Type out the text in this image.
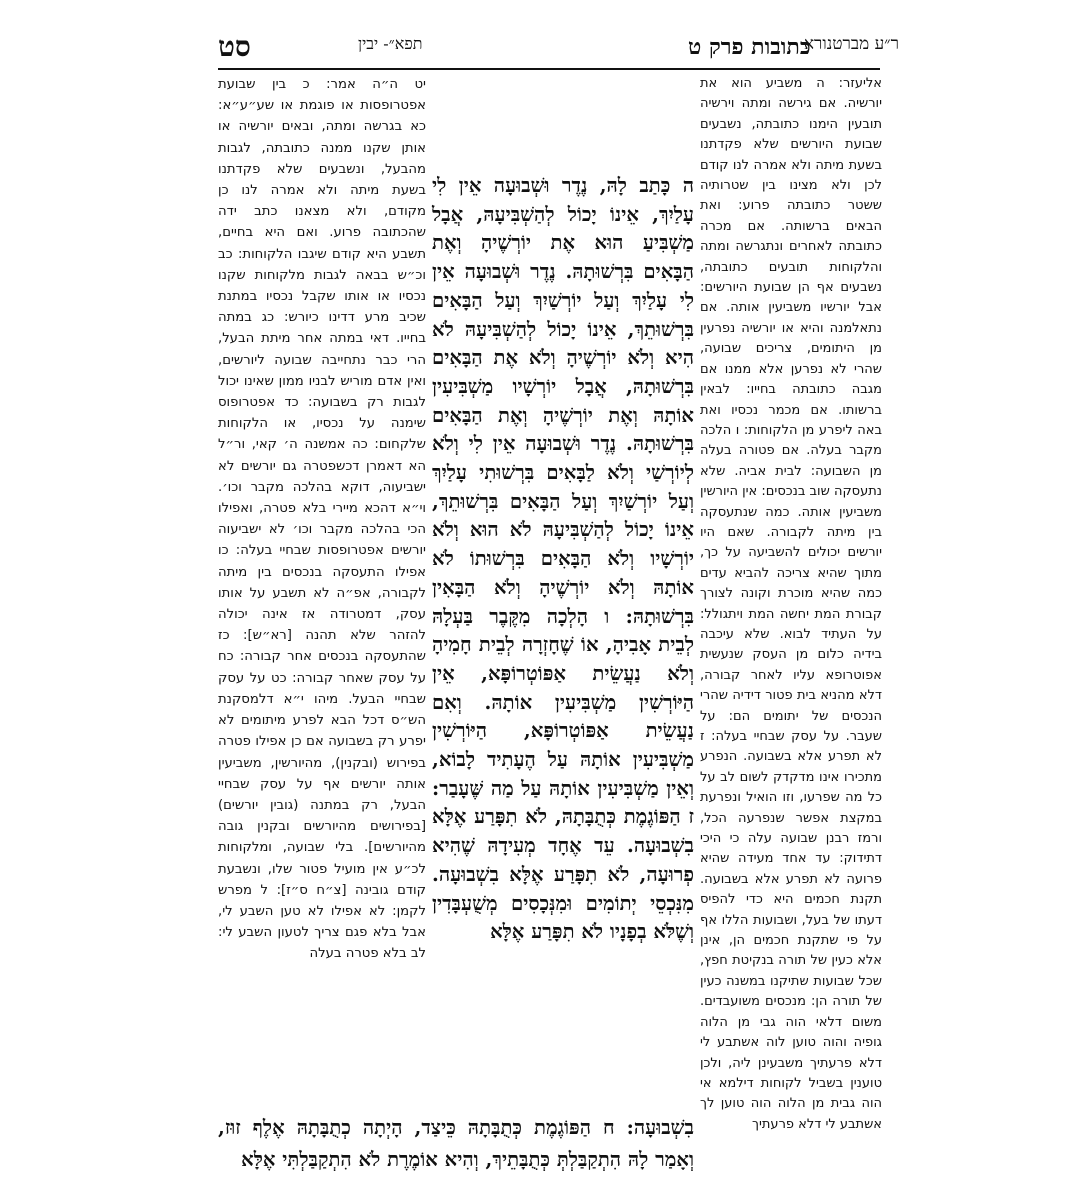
ר״ע מברטנורא
כתובות פרק ט
תפא״- יבין
סט

אליעזר: ה משביע הוא את יורשיה. אם גירשה ומתה וירשיה תובעין הימנו כתובתה, נשבעים שבועת היורשים שלא פקדתנו בשעת מיתה ולא אמרה לנו קודם לכן ולא מצינו בין שטרותיה ששטר כתובתה פרוע: ואת הבאים ברשותה. אם מכרה כתובתה לאחרים ונתגרשה ומתה והלקוחות תובעים כתובתה, נשבעים אף הן שבועת היורשים: אבל יורשיו משביעין אותה. אם נתאלמנה והיא או יורשיה נפרעין מן היתומים, צריכים שבועה, שהרי לא נפרען אלא ממנו אם מגבה כתובתה בחייו: לבאין ברשותו. אם מכמר נכסיו ואת באה ליפרע מן הלקוחות: ו הלכה מקבר בעלה. אם פטורה בעלה מן השבועה: לבית אביה. שלא נתעסקה שוב בנכסים: אין היורשין משביעין אותה. כמה שנתעסקה בין מיתה לקבורה. שאם היו יורשים יכולים להשביעה על כך, מתוך שהיא צריכה להביא עדים כמה שהיא מוכרת וקונה לצורך קבורת המת יחשה המת ויתגולל: על העתיד לבוא. שלא עיכבה בידיה כלום מן העסק שנעשית אפוטרופא עליו לאחר קבורה, דלא מהניא בית פטור דידיה שהרי הנכסים של יתומים הם: על שעבר. על עסק שבחיי בעלה: ז לא תפרע אלא בשבועה. הנפרע מתכירו אינו מדקדק לשום לב על כל מה שפרעו, וזו הואיל ונפרעת במקצת אפשר שנפרעה הכל, ורמז רבנן שבועה עלה כי היכי דתידוק: עד אחד מעידה שהיא פרועה לא תפרע אלא בשבועה. תקנת חכמים היא כדי להפיס דעתו של בעל, ושבועות הללו אף על פי שתקנת חכמים הן, אינן אלא כעין של תורה בנקיטת חפץ, שכל שבועות שתיקנו במשנה כעין של תורה הן: מנכסים משועבדים. משום דלאי הוה גבי מן הלוה גופיה והוה טוען לוה אשתבע לי דלא פרעתיך משבעינן ליה, ולכן טוענין בשביל לקוחות דילמא אי הוה גבית מן הלוה הוה טוען לך אשתבע לי דלא פרעתיך

ה כָּתַב לָהּ, נֶדֶר וּשְׁבוּעָה אֵין לִי עָלַיִךְ, אֵינוֹ יָכוֹל לְהַשְׁבִּיעָהּ, אֲבָל מַשְׁבִּיעַ הוּא אֶת יוֹרְשֶׁיהָ וְאֶת הַבָּאִים בִּרְשׁוּתָהּ. נֶדֶר וּשְׁבוּעָה אֵין לִי עָלַיִךְ וְעַל יוֹרְשַׁיִךְ וְעַל הַבָּאִים בִּרְשׁוּתֵךְ, אֵינוֹ יָכוֹל לְהַשְׁבִּיעָהּ לֹא הִיא וְלֹא יוֹרְשֶׁיהָ וְלֹא אֶת הַבָּאִים בִּרְשׁוּתָהּ, אֲבָל יוֹרְשָׁיו מַשְׁבִּיעִין אוֹתָהּ וְאֶת יוֹרְשֶׁיהָ וְאֶת הַבָּאִים בִּרְשׁוּתָהּ. נֶדֶר וּשְׁבוּעָה אֵין לִי וְלֹא לְיוֹרְשַׁי וְלֹא לַבָּאִים בִּרְשׁוּתִי עָלַיִךְ וְעַל יוֹרְשַׁיִךְ וְעַל הַבָּאִים בִּרְשׁוּתֵךְ, אֵינוֹ יָכוֹל לְהַשְׁבִּיעָהּ לֹא הוּא וְלֹא יוֹרְשָׁיו וְלֹא הַבָּאִים בִּרְשׁוּתוֹ לֹא אוֹתָהּ וְלֹא יוֹרְשֶׁיהָ וְלֹא הַבָּאִין בִּרְשׁוּתָהּ: ו הָלְכָה מִקֶּבֶר בַּעְלָהּ לְבֵית אָבִיהָ, אוֹ שֶׁחָזְרָה לְבֵית חָמִיהָ וְלֹא נַעֲשֵׂית אַפּוֹטְרוֹפָּא, אֵין הַיּוֹרְשִׁין מַשְׁבִּיעִין אוֹתָהּ. וְאִם נַעֲשֵׂית אַפּוֹטְרוֹפָּא, הַיּוֹרְשִׁין מַשְׁבִּיעִין אוֹתָהּ עַל הֶעָתִיד לָבוֹא, וְאֵין מַשְׁבִּיעִין אוֹתָהּ עַל מַה שֶּׁעָבַר: ז הַפּוֹגֶמֶת כְּתֻבָּתָהּ, לֹא תִפָּרַע אֶלָּא בִשְׁבוּעָה. עֵד אֶחָד מְעִידָהּ שֶׁהִיא פְרוּעָה, לֹא תִפָּרַע אֶלָּא בִשְׁבוּעָה. מִנִּכְסֵי יְתוֹמִים וּמִנְּכָסִים מְשֻׁעְבָּדִין וְשֶׁלֹּא בְפָנָיו לֹא תִפָּרַע אֶלָּא

יט ה״ה אמר: כ בין שבועת אפטרופסות או פוגמת או שע״ע״א: כא בגרשה ומתה, ובאים יורשיה או אותן שקנו ממנה כתובתה, לגבות מהבעל, ונשבעים שלא פקדתנו בשעת מיתה ולא אמרה לנו כן מקודם, ולא מצאנו כתב ידה שהכתובה פרוע. ואם היא בחיים, תשבע היא קודם שיגבו הלקוחות: כב וכ״ש בבאה לגבות מלקוחות שקנו נכסיו או אותו שקבל נכסיו במתנת שכיב מרע דדינו כיורש: כג במתה בחייו. דאי במתה אחר מיתת הבעל, הרי כבר נתחייבה שבועה ליורשים, ואין אדם מוריש לבניו ממון שאינו יכול לגבות רק בשבועה: כד אפטרופוס שימנה על נכסיו, או הלקוחות שלקחום: כה אמשנה ה׳ קאי, ור״ל הא דאמרן דכשפטרה גם יורשים לא ישביעוה, דוקא בהלכה מקבר וכו׳. וי״א דהכא מיירי בלא פטרה, ואפילו הכי בהלכה מקבר וכו׳ לא ישביעוה יורשים אפטרופסות שבחיי בעלה: כו אפילו התעסקה בנכסים בין מיתה לקבורה, אפ״ה לא תשבע על אותו עסק, דמטרודה אז אינה יכולה להזהר שלא תהנה [רא״ש]: כז שהתעסקה בנכסים אחר קבורה: כח על עסק שאחר קבורה: כט על עסק שבחיי הבעל. מיהו י״א דלמסקנת הש״ס דכל הבא לפרע מיתומים לא יפרע רק בשבועה אם כן אפילו פטרה בפירוש (ובקנין), מהיורשין, משביעין אותה יורשים אף על עסק שבחיי הבעל, רק במתנה (גובין יורשים) [בפירושים מהיורשים ובקנין גובה מהיורשים]. בלי שבועה, ומלקוחות לכ״ע אין מועיל פטור שלו, ונשבעת קודם גובינה [צ״ח ס״ז]: ל מפרש לקמן: לא אפילו לא טען השבע לי, אבל בלא פגם צריך לטעון השבע לי: לב בלא פטרה בעלה

בִשְׁבוּעָה: ח הַפּוֹגֶמֶת כְּתֻבָּתָהּ כֵּיצַד, הָיְתָה כְתֻבָּתָהּ אֶלֶף זוּז, וְאָמַר לָהּ הִתְקַבַּלְתְּ כְּתֻבָּתֵיךְ, וְהִיא אוֹמֶרֶת לֹא הִתְקַבַּלְתִּי אֶלָּא
